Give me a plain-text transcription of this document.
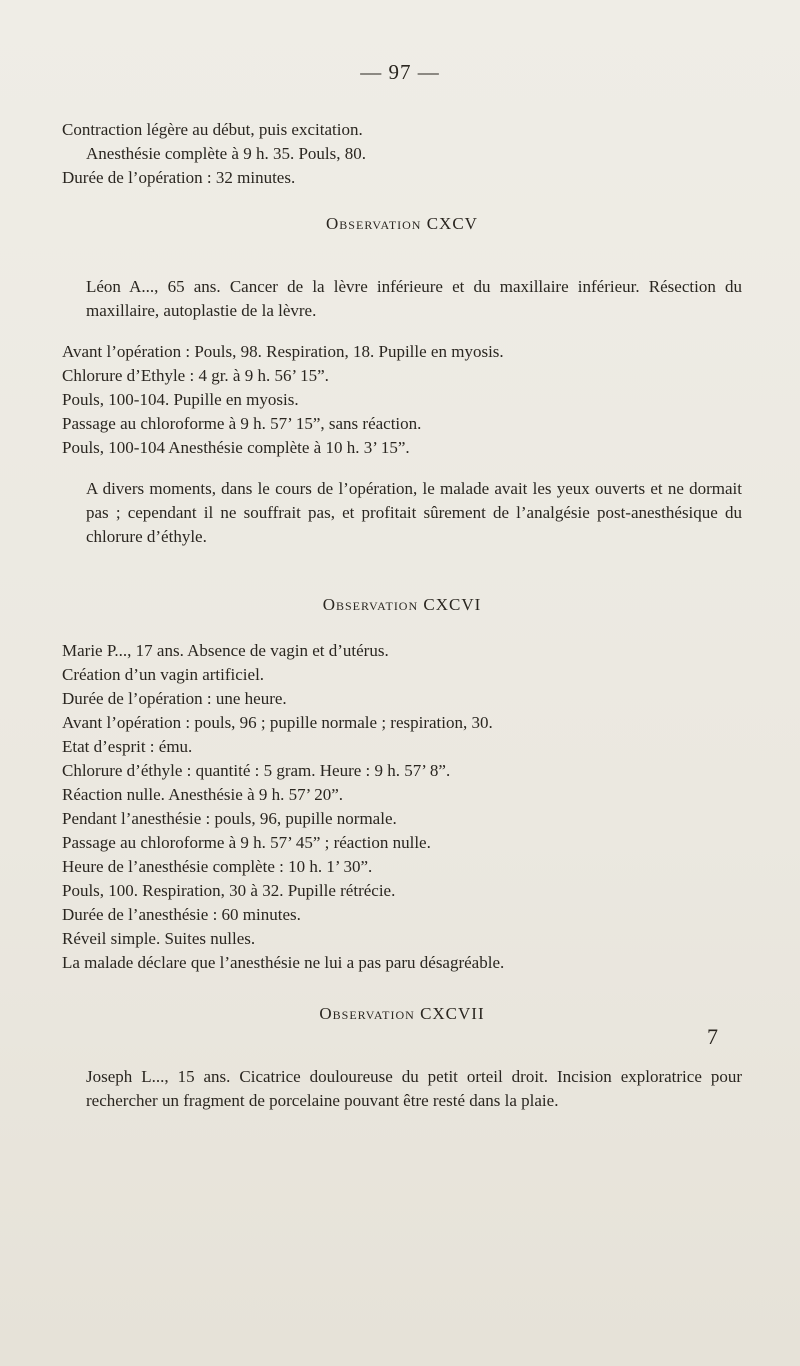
— 97 —

Contraction légère au début, puis excitation.

Anesthésie complète à 9 h. 35. Pouls, 80.

Durée de l’opération : 32 minutes.

Observation CXCV

Léon A..., 65 ans. Cancer de la lèvre inférieure et du maxillaire inférieur. Résection du maxillaire, autoplastie de la lèvre.

Avant l’opération : Pouls, 98. Respiration, 18. Pupille en myosis.

Chlorure d’Ethyle : 4 gr. à 9 h. 56’ 15”.

Pouls, 100-104. Pupille en myosis.

Passage au chloroforme à 9 h. 57’ 15”, sans réaction.

Pouls, 100-104 Anesthésie complète à 10 h. 3’ 15”.

A divers moments, dans le cours de l’opération, le malade avait les yeux ouverts et ne dormait pas ; cependant il ne souffrait pas, et profitait sûrement de l’analgésie post-anesthésique du chlorure d’éthyle.

Observation CXCVI

Marie P..., 17 ans. Absence de vagin et d’utérus.

Création d’un vagin artificiel.

Durée de l’opération : une heure.

Avant l’opération : pouls, 96 ; pupille normale ; respiration, 30.

Etat d’esprit : ému.

Chlorure d’éthyle : quantité : 5 gram. Heure : 9 h. 57’ 8”.

Réaction nulle. Anesthésie à 9 h. 57’ 20”.

Pendant l’anesthésie : pouls, 96, pupille normale.

Passage au chloroforme à 9 h. 57’ 45” ; réaction nulle.

Heure de l’anesthésie complète : 10 h. 1’ 30”.

Pouls, 100. Respiration, 30 à 32. Pupille rétrécie.

Durée de l’anesthésie : 60 minutes.

Réveil simple. Suites nulles.

La malade déclare que l’anesthésie ne lui a pas paru désagréable.

Observation CXCVII

Joseph L..., 15 ans. Cicatrice douloureuse du petit orteil droit. Incision exploratrice pour rechercher un fragment de porcelaine pouvant être resté dans la plaie.

7
